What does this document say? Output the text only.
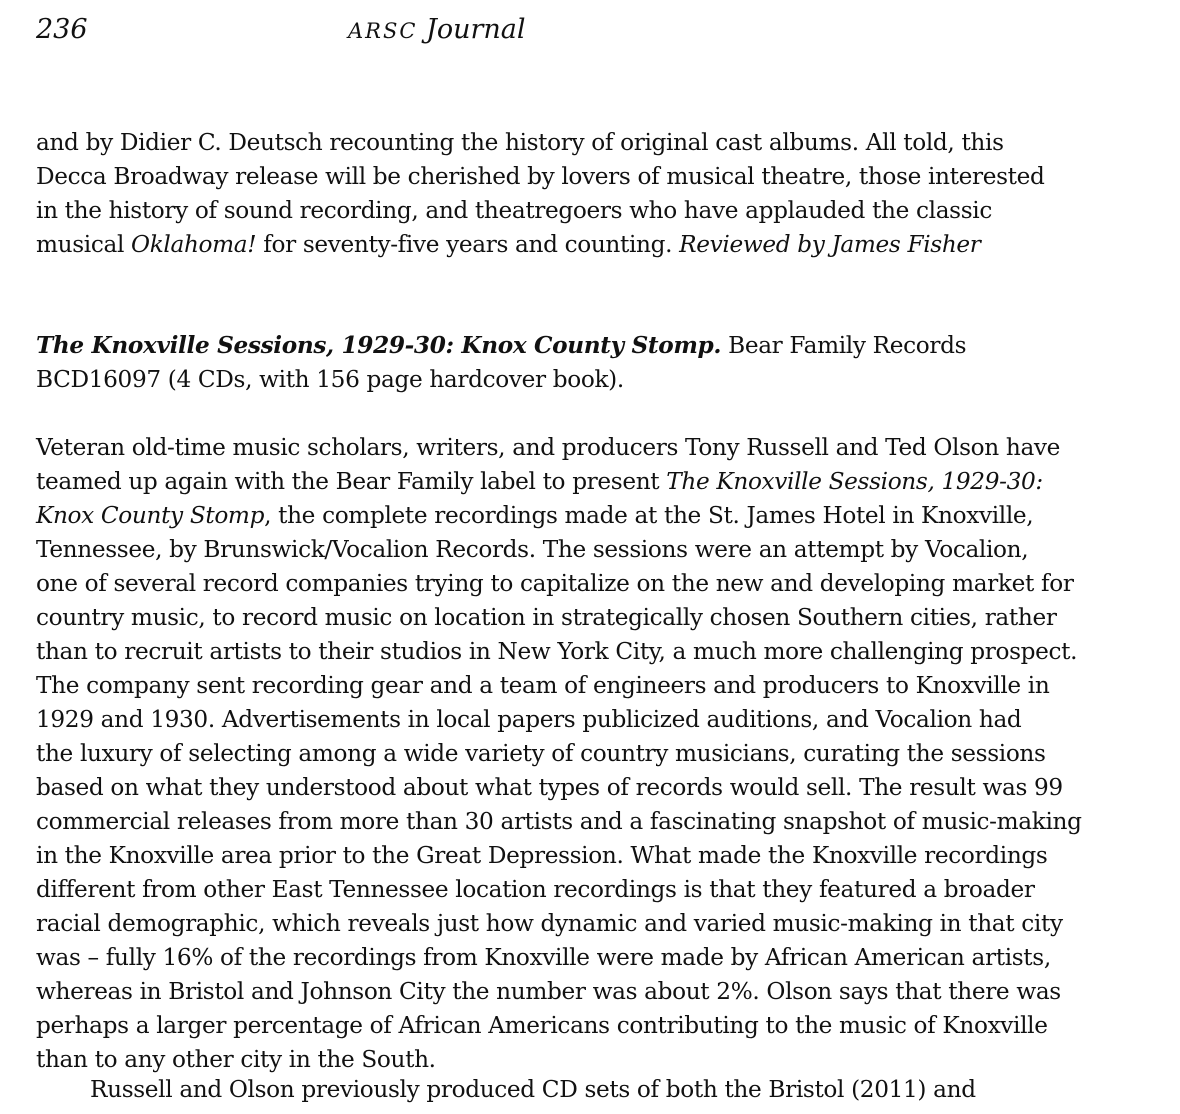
236	ARSC Journal
and by Didier C. Deutsch recounting the history of original cast albums. All told, this
Decca Broadway release will be cherished by lovers of musical theatre, those interested
in the history of sound recording, and theatregoers who have applauded the classic
musical Oklahoma! for seventy-five years and counting. Reviewed by James Fisher
The Knoxville Sessions, 1929-30: Knox County Stomp. Bear Family Records
BCD16097 (4 CDs, with 156 page hardcover book).
Veteran old-time music scholars, writers, and producers Tony Russell and Ted Olson have
teamed up again with the Bear Family label to present The Knoxville Sessions, 1929-30:
Knox County Stomp, the complete recordings made at the St. James Hotel in Knoxville,
Tennessee, by Brunswick/Vocalion Records. The sessions were an attempt by Vocalion,
one of several record companies trying to capitalize on the new and developing market for
country music, to record music on location in strategically chosen Southern cities, rather
than to recruit artists to their studios in New York City, a much more challenging prospect.
The company sent recording gear and a team of engineers and producers to Knoxville in
1929 and 1930. Advertisements in local papers publicized auditions, and Vocalion had
the luxury of selecting among a wide variety of country musicians, curating the sessions
based on what they understood about what types of records would sell. The result was 99
commercial releases from more than 30 artists and a fascinating snapshot of music-making
in the Knoxville area prior to the Great Depression. What made the Knoxville recordings
different from other East Tennessee location recordings is that they featured a broader
racial demographic, which reveals just how dynamic and varied music-making in that city
was – fully 16% of the recordings from Knoxville were made by African American artists,
whereas in Bristol and Johnson City the number was about 2%. Olson says that there was
perhaps a larger percentage of African Americans contributing to the music of Knoxville
than to any other city in the South.
Russell and Olson previously produced CD sets of both the Bristol (2011) and
